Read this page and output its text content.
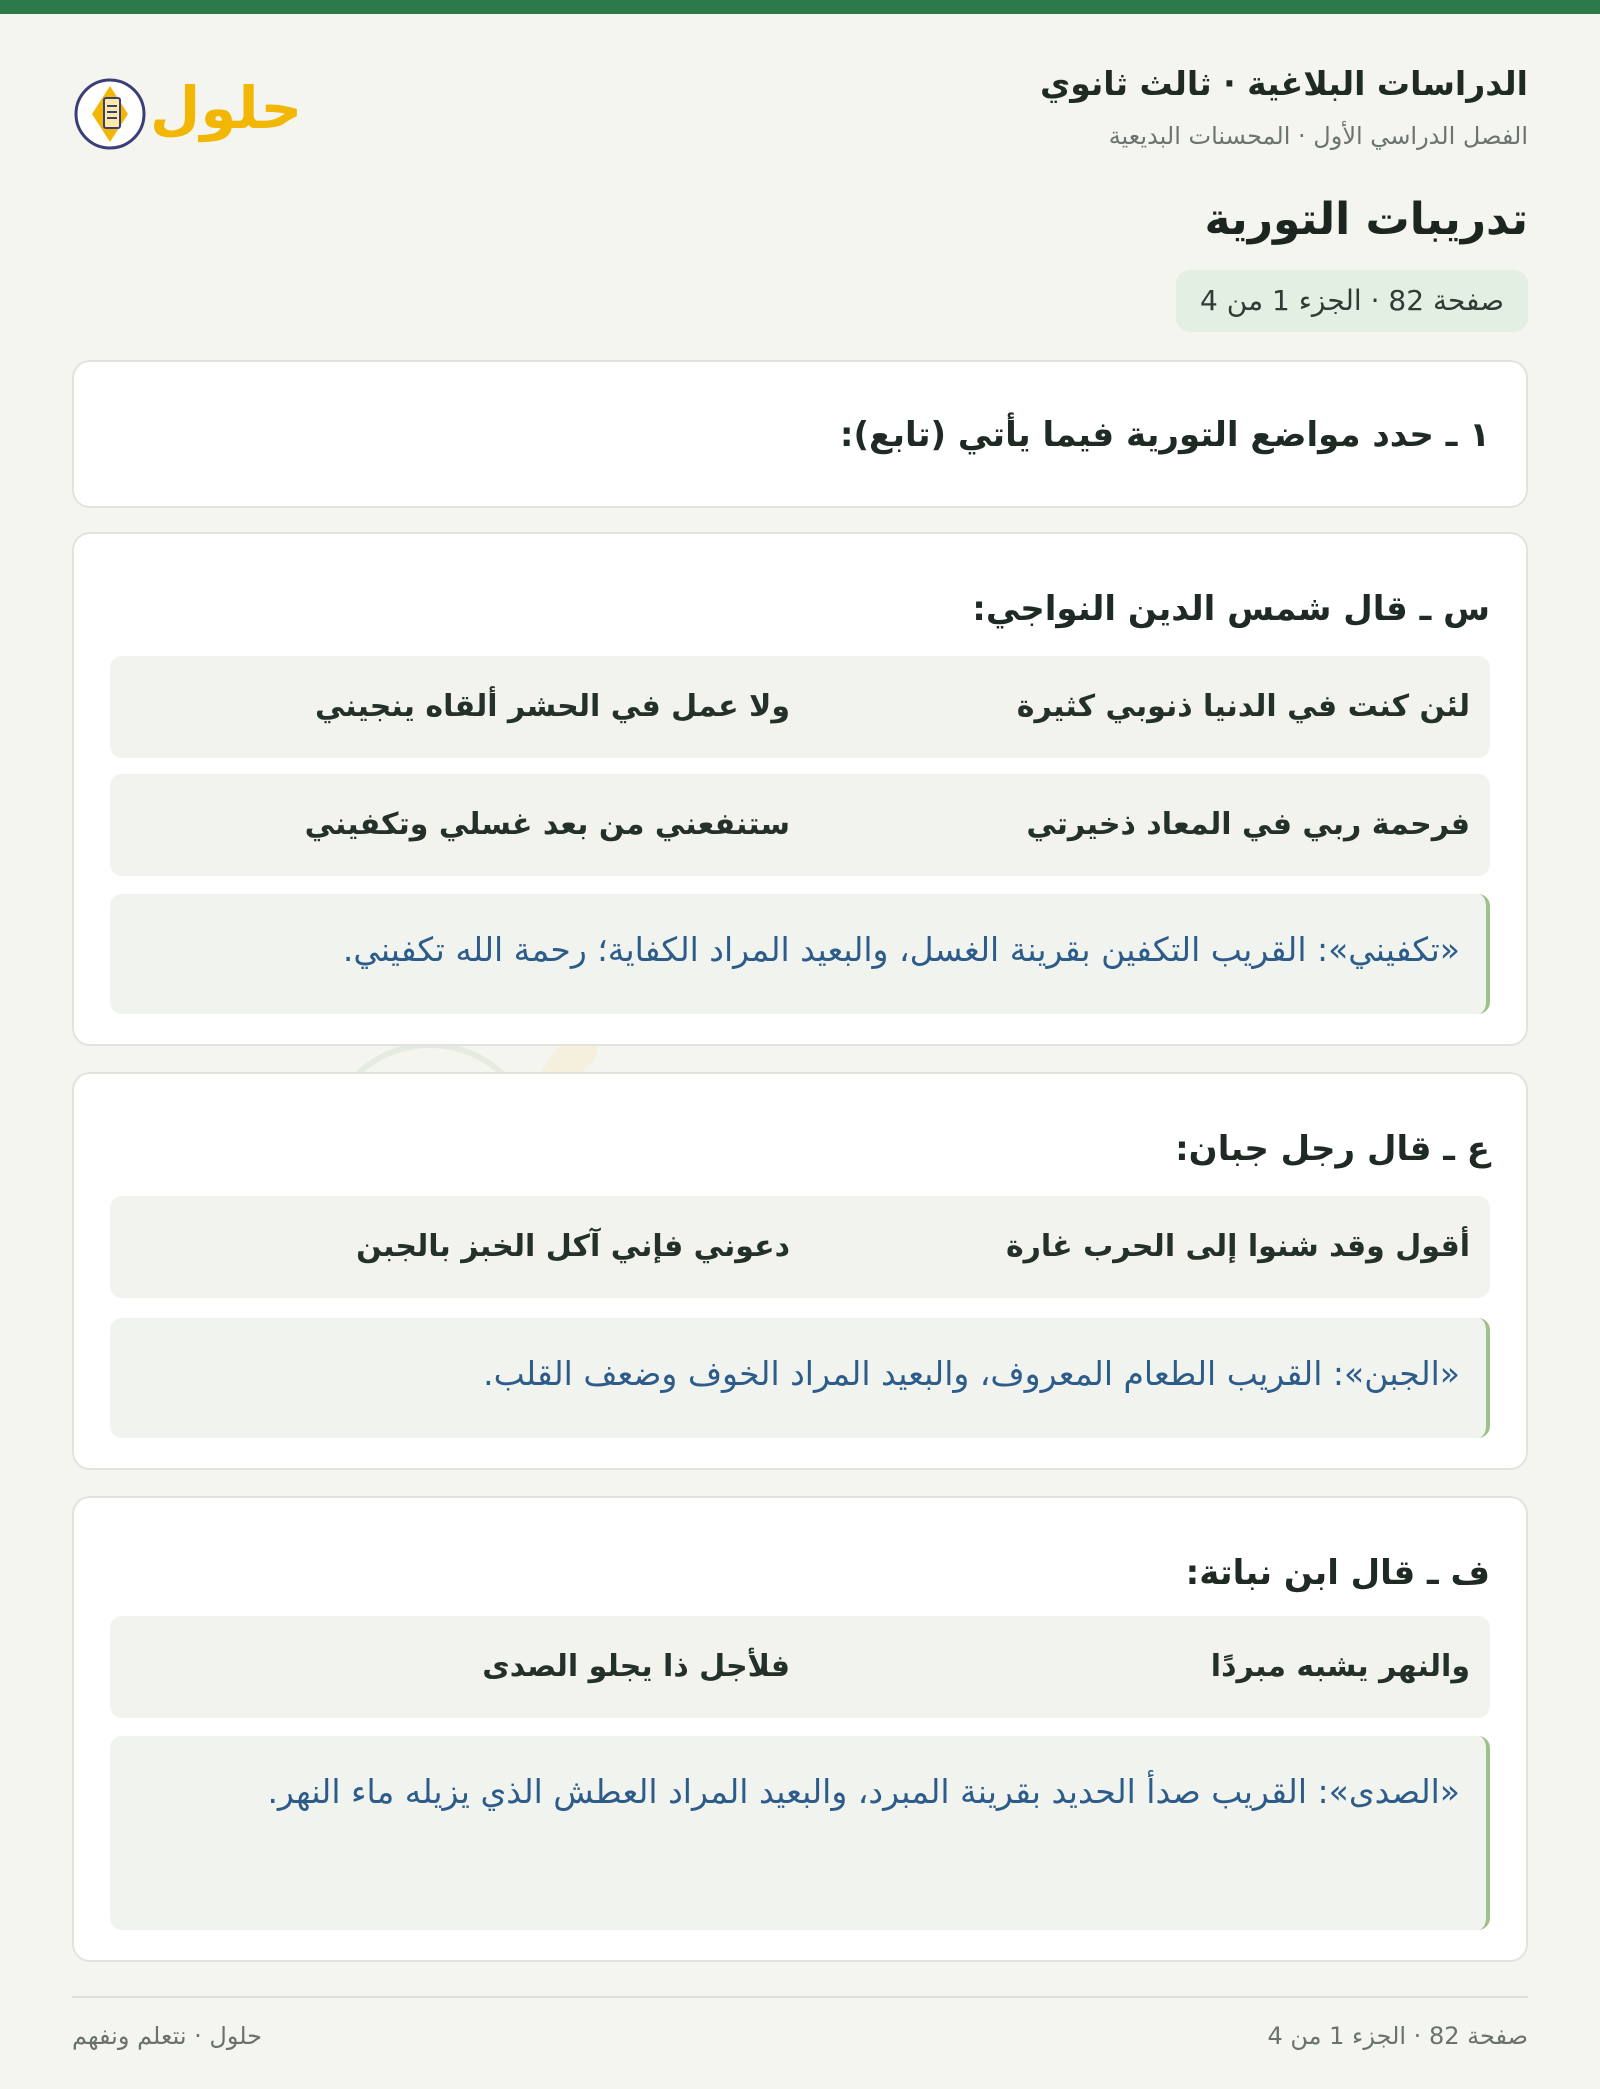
الدراسات البلاغية · ثالث ثانوي
الفصل الدراسي الأول · المحسنات البديعية
حلول
تدريبات التورية
صفحة 82 · الجزء 1 من 4
١ ـ حدد مواضع التورية فيما يأتي (تابع):
س ـ قال شمس الدين النواجي:
لئن كنت في الدنيا ذنوبي كثيرة
ولا عمل في الحشر ألقاه ينجيني
فرحمة ربي في المعاد ذخيرتي
ستنفعني من بعد غسلي وتكفيني
«تكفيني»: القريب التكفين بقرينة الغسل، والبعيد المراد الكفاية؛ رحمة الله تكفيني.
ع ـ قال رجل جبان:
أقول وقد شنوا إلى الحرب غارة
دعوني فإني آكل الخبز بالجبن
«الجبن»: القريب الطعام المعروف، والبعيد المراد الخوف وضعف القلب.
ف ـ قال ابن نباتة:
والنهر يشبه مبردًا
فلأجل ذا يجلو الصدى
«الصدى»: القريب صدأ الحديد بقرينة المبرد، والبعيد المراد العطش الذي يزيله ماء النهر.
صفحة 82 · الجزء 1 من 4
حلول · نتعلم ونفهم
